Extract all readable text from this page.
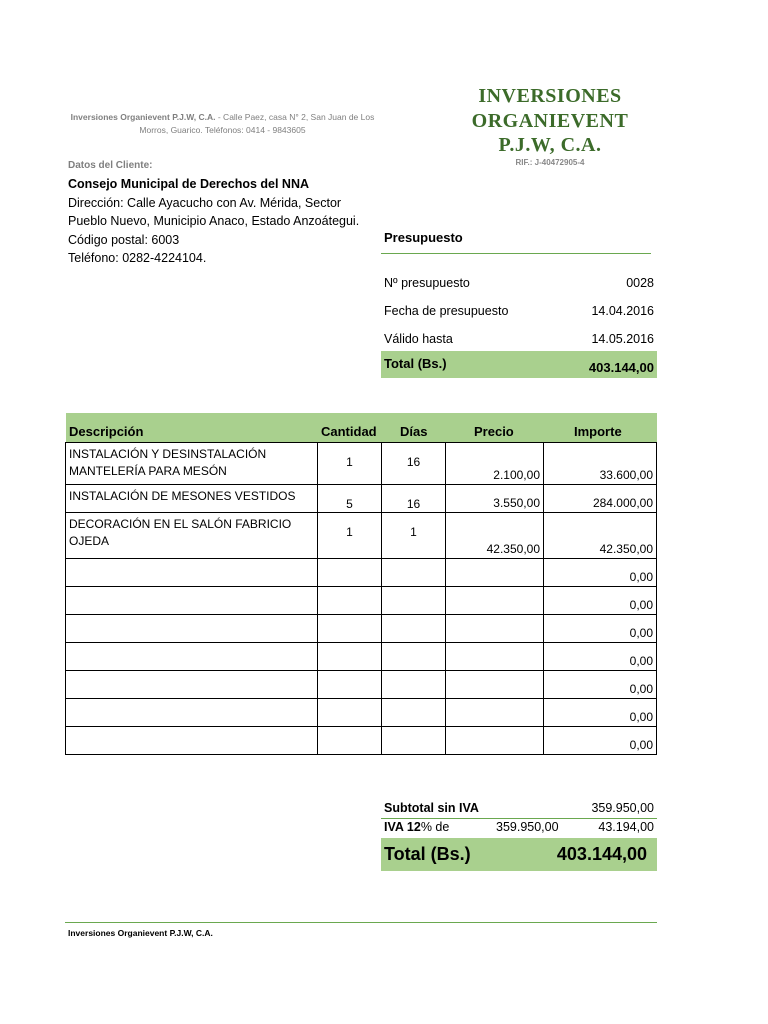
INVERSIONES
ORGANIEVENT
P.J.W, C.A.
RIF.: J-40472905-4
Inversiones Organievent P.J.W, C.A. - Calle Paez, casa N° 2, San Juan de Los Morros, Guarico. Teléfonos: 0414 - 9843605
Datos del Cliente:
Consejo Municipal de Derechos del NNA
Dirección: Calle Ayacucho con Av. Mérida, Sector
Pueblo Nuevo, Municipio Anaco, Estado Anzoátegui.
Código postal: 6003
Teléfono: 0282-4224104.
Presupuesto
Nº presupuesto	0028
Fecha de presupuesto	14.04.2016
Válido hasta	14.05.2016
Total (Bs.)	403.144,00
Descripción	Cantidad Días	Precio	Importe
INSTALACIÓN Y DESINSTALACIÓN MANTELERÍA PARA MESÓN	1	16	2.100,00	33.600,00

INSTALACIÓN DE MESONES VESTIDOS	5	16	3.550,00	284.000,00

DECORACIÓN EN EL SALÓN FABRICIO OJEDA	1	1	42.350,00	42.350,00

				0,00

				0,00

				0,00

				0,00

				0,00

				0,00

				0,00
Subtotal sin IVA	359.950,00
IVA 12% de	359.950,00	43.194,00
Total (Bs.)	403.144,00
Inversiones Organievent P.J.W, C.A.
